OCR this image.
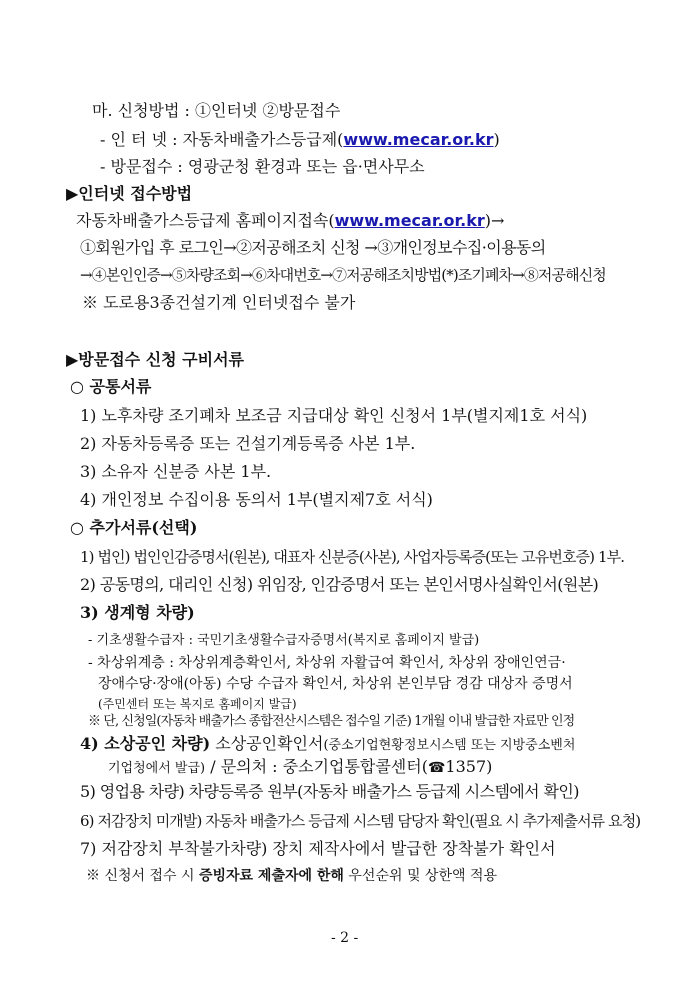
마. 신청방법 : ①인터넷 ②방문접수
- 인 터 넷 : 자동차배출가스등급제(www.mecar.or.kr)
- 방문접수 : 영광군청 환경과 또는 읍·면사무소
▶인터넷 접수방법
자동차배출가스등급제 홈페이지접속(www.mecar.or.kr)→
①회원가입 후 로그인→②저공해조치 신청 →③개인정보수집·이용동의
→④본인인증→⑤차량조회→⑥차대번호→⑦저공해조치방법(*)조기폐차→⑧저공해신청
※ 도로용3종건설기계 인터넷접수 불가
▶방문접수 신청 구비서류
○ 공통서류
1) 노후차량 조기폐차 보조금 지급대상 확인 신청서 1부(별지제1호 서식)
2) 자동차등록증 또는 건설기계등록증 사본 1부.
3) 소유자 신분증 사본 1부.
4) 개인정보 수집이용 동의서 1부(별지제7호 서식)
○ 추가서류(선택)
1) 법인) 법인인감증명서(원본), 대표자 신분증(사본), 사업자등록증(또는 고유번호증) 1부.
2) 공동명의, 대리인 신청) 위임장, 인감증명서 또는 본인서명사실확인서(원본)
3) 생계형 차량)
- 기초생활수급자 : 국민기초생활수급자증명서(복지로 홈페이지 발급)
- 차상위계층 : 차상위계층확인서, 차상위 자활급여 확인서, 차상위 장애인연금·
장애수당·장애(아동) 수당 수급자 확인서, 차상위 본인부담 경감 대상자 증명서
(주민센터 또는 복지로 홈페이지 발급)
※ 단, 신청일(자동차 배출가스 종합전산시스템은 접수일 기준) 1개월 이내 발급한 자료만 인정
4) 소상공인 차량) 소상공인확인서(중소기업현황정보시스템 또는 지방중소벤처
기업청에서 발급) / 문의처 : 중소기업통합콜센터(☎1357)
5) 영업용 차량) 차량등록증 원부(자동차 배출가스 등급제 시스템에서 확인)
6) 저감장치 미개발) 자동차 배출가스 등급제 시스템 담당자 확인(필요 시 추가제출서류 요청)
7) 저감장치 부착불가차량) 장치 제작사에서 발급한 장착불가 확인서
※ 신청서 접수 시 증빙자료 제출자에 한해 우선순위 및 상한액 적용
- 2 -
